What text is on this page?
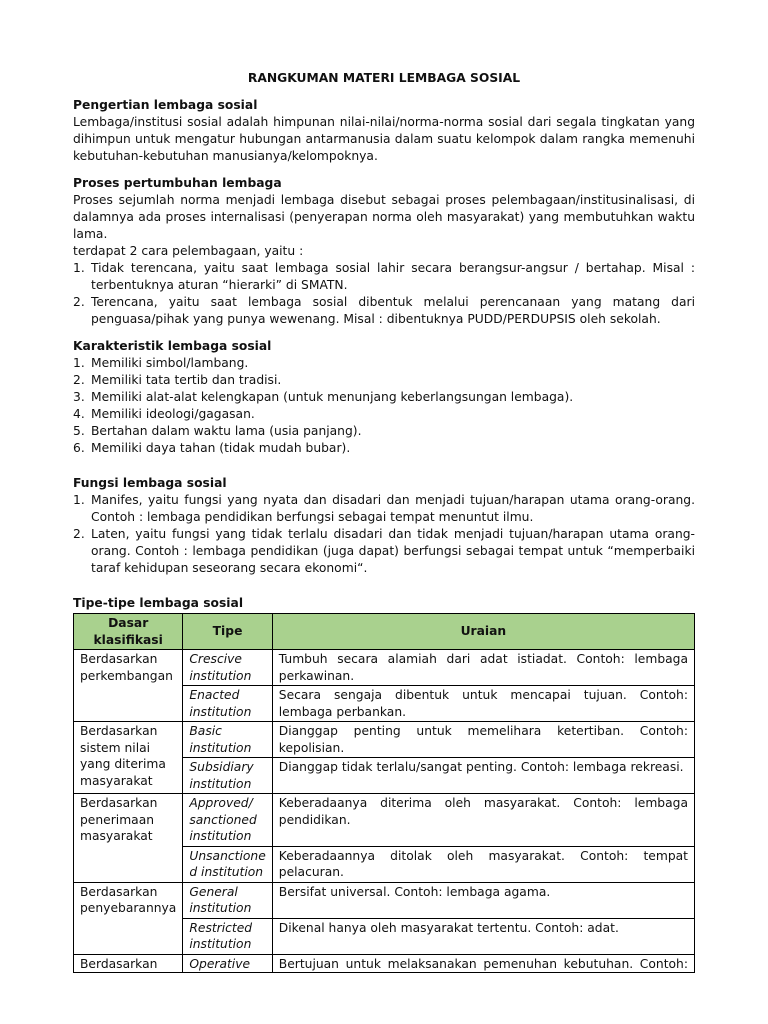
RANGKUMAN MATERI LEMBAGA SOSIAL

Pengertian lembaga sosial

Lembaga/institusi sosial adalah himpunan nilai-nilai/norma-norma sosial dari segala tingkatan yang dihimpun untuk mengatur hubungan antarmanusia dalam suatu kelompok dalam rangka memenuhi kebutuhan-kebutuhan manusianya/kelompoknya.

Proses pertumbuhan lembaga

Proses sejumlah norma menjadi lembaga disebut sebagai proses pelembagaan/institusinalisasi, di dalamnya ada proses internalisasi (penyerapan norma oleh masyarakat) yang membutuhkan waktu lama.

terdapat 2 cara pelembagaan, yaitu :

1. Tidak terencana, yaitu saat lembaga sosial lahir secara berangsur-angsur / bertahap. Misal : terbentuknya aturan “hierarki” di SMATN.
2. Terencana, yaitu saat lembaga sosial dibentuk melalui perencanaan yang matang dari penguasa/pihak yang punya wewenang. Misal : dibentuknya PUDD/PERDUPSIS oleh sekolah.

Karakteristik lembaga sosial

1. Memiliki simbol/lambang.
2. Memiliki tata tertib dan tradisi.
3. Memiliki alat-alat kelengkapan (untuk menunjang keberlangsungan lembaga).
4. Memiliki ideologi/gagasan.
5. Bertahan dalam waktu lama (usia panjang).
6. Memiliki daya tahan (tidak mudah bubar).

Fungsi lembaga sosial

1. Manifes, yaitu fungsi yang nyata dan disadari dan menjadi tujuan/harapan utama orang-orang. Contoh : lembaga pendidikan berfungsi sebagai tempat menuntut ilmu.
2. Laten, yaitu fungsi yang tidak terlalu disadari dan tidak menjadi tujuan/harapan utama orang-orang. Contoh : lembaga pendidikan (juga dapat) berfungsi sebagai tempat untuk “memperbaiki taraf kehidupan seseorang secara ekonomi“.

Tipe-tipe lembaga sosial

Dasar klasifikasi	Tipe	Uraian
Berdasarkan perkembangan	Crescive institution	Tumbuh secara alamiah dari adat istiadat. Contoh: lembaga perkawinan.
	Enacted institution	Secara sengaja dibentuk untuk mencapai tujuan. Contoh: lembaga perbankan.
Berdasarkan sistem nilai yang diterima masyarakat	Basic institution	Dianggap penting untuk memelihara ketertiban. Contoh: kepolisian.
	Subsidiary institution	Dianggap tidak terlalu/sangat penting. Contoh: lembaga rekreasi.
Berdasarkan penerimaan masyarakat	Approved/ sanctioned institution	Keberadaanya diterima oleh masyarakat. Contoh: lembaga pendidikan.
	Unsanctione d institution	Keberadaannya ditolak oleh masyarakat. Contoh: tempat pelacuran.
Berdasarkan penyebarannya	General institution	Bersifat universal. Contoh: lembaga agama.
	Restricted institution	Dikenal hanya oleh masyarakat tertentu. Contoh: adat.

Berdasarkan	Operative	Bertujuan untuk melaksanakan pemenuhan kebutuhan. Contoh:
